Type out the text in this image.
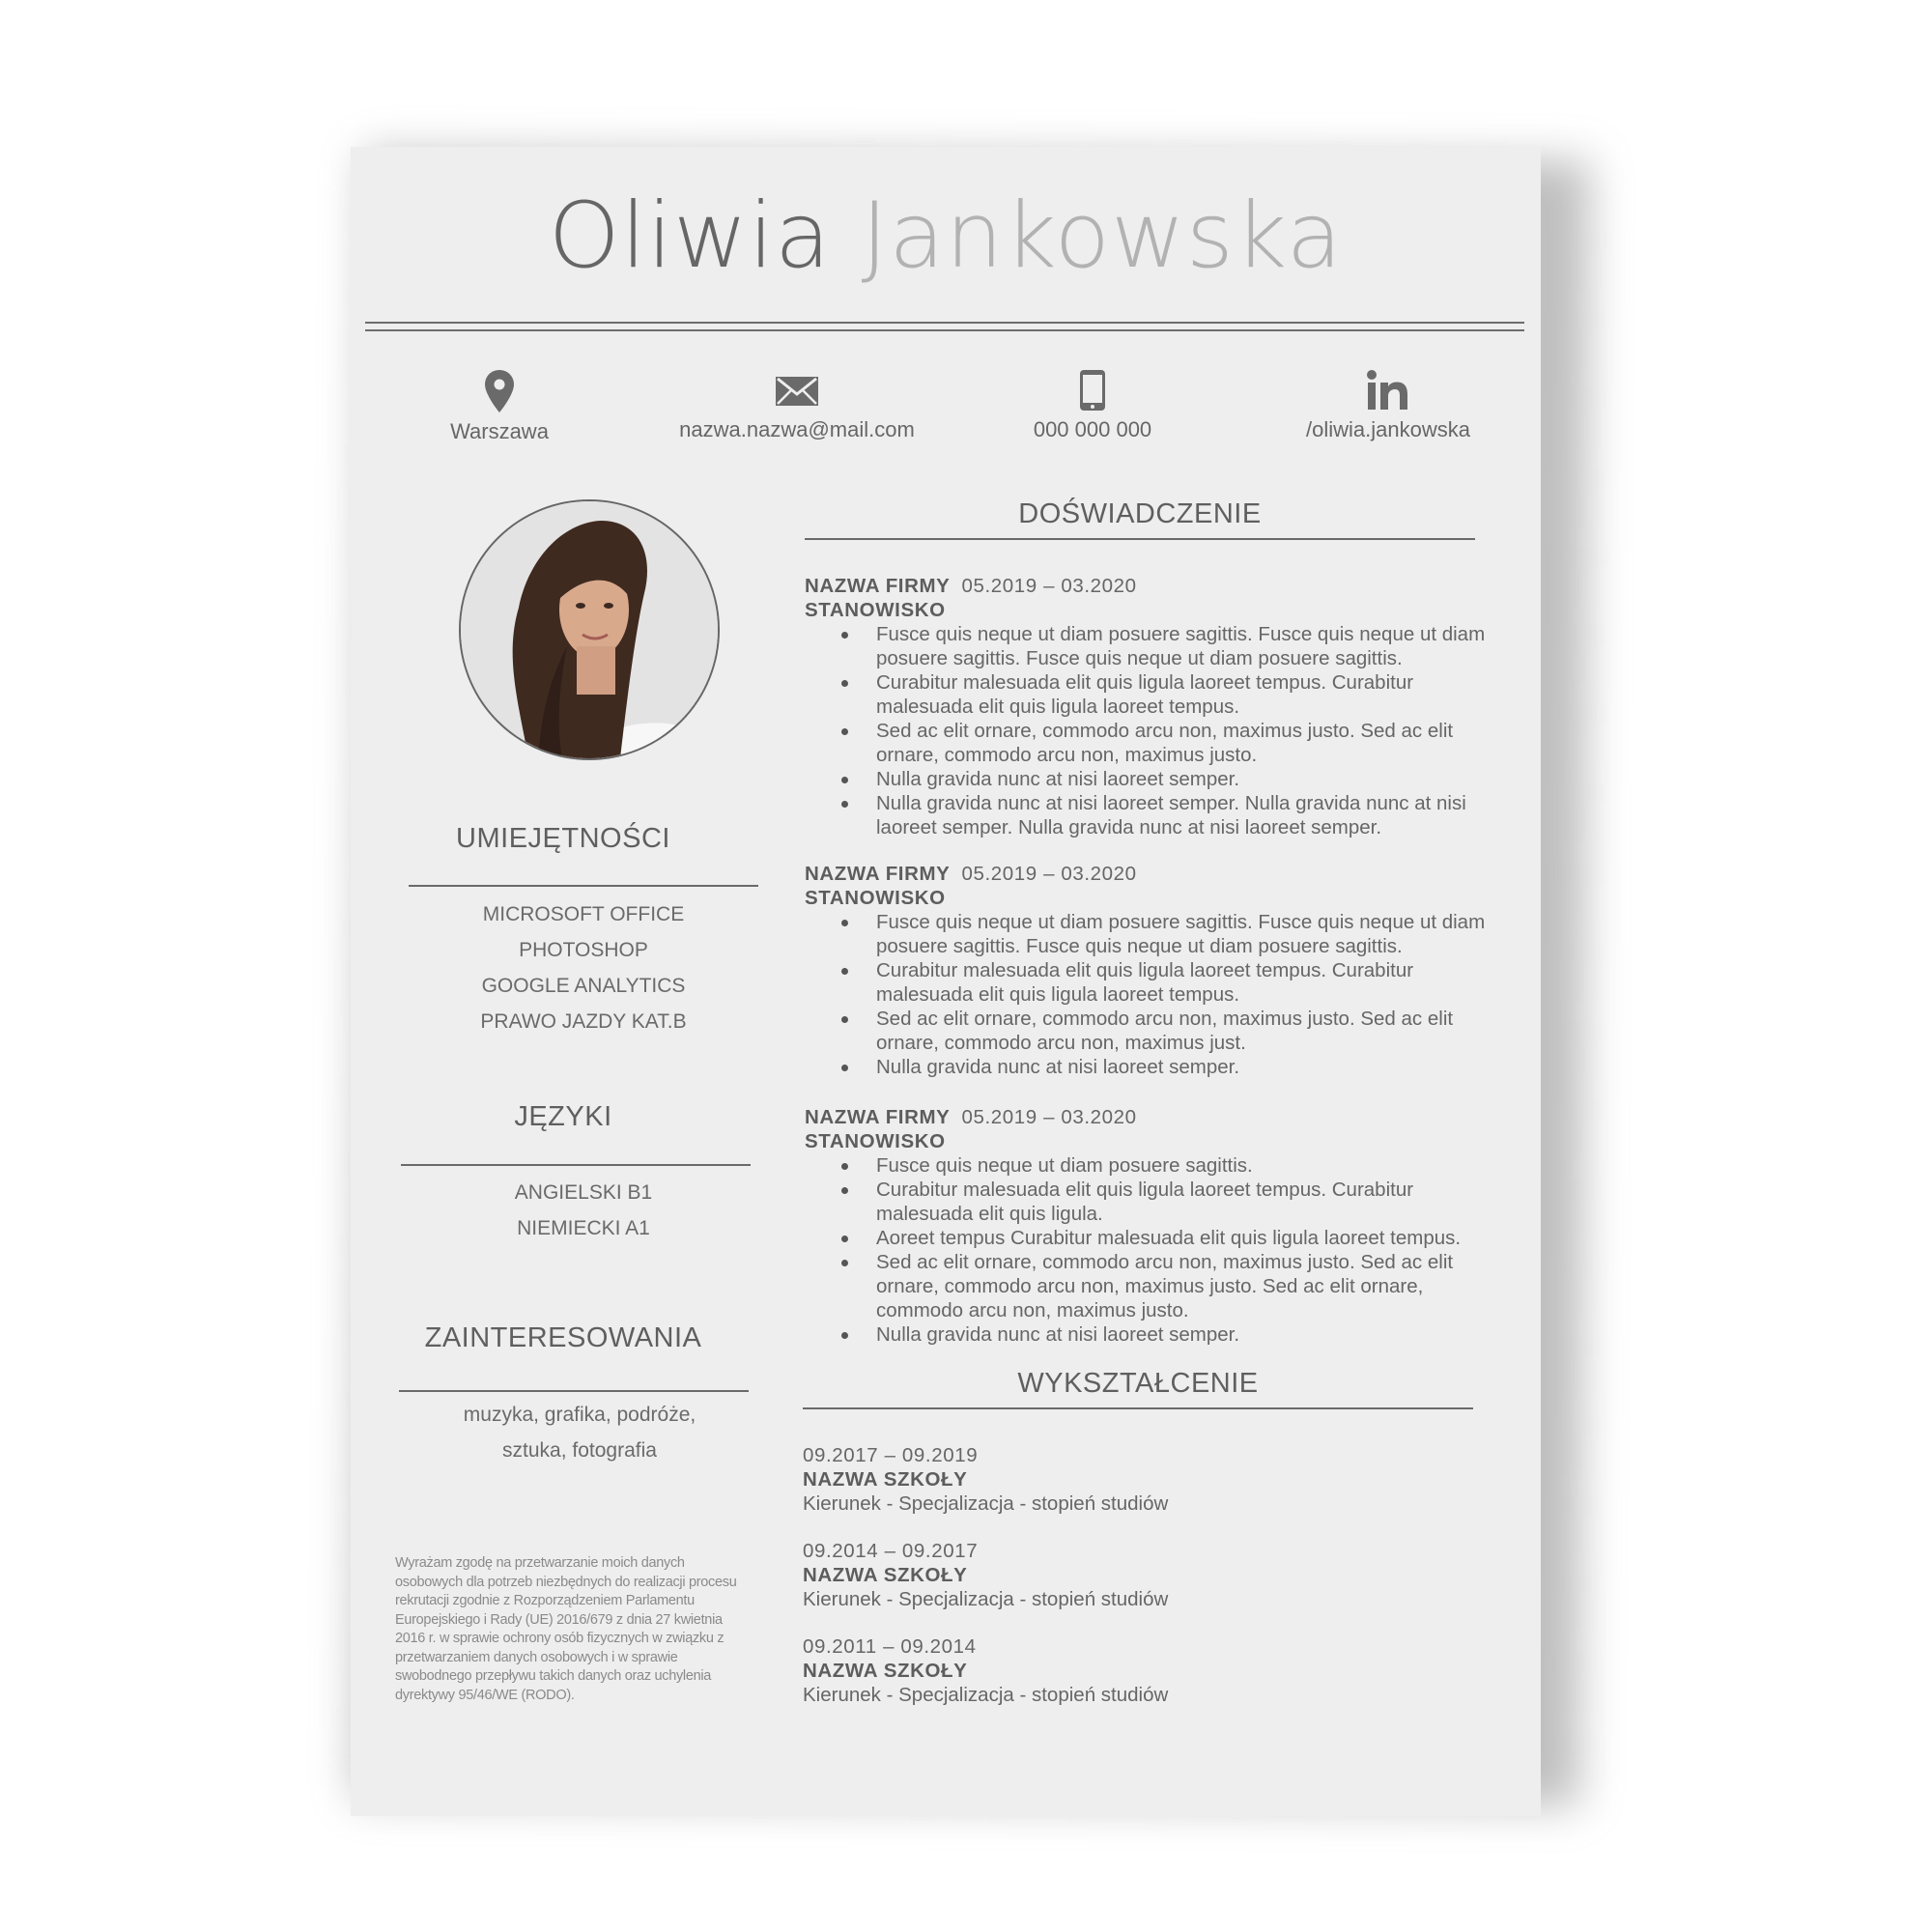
Oliwia Jankowska
Warszawa	nazwa.nazwa@mail.com	000 000 000	/oliwia.jankowska
UMIEJĘTNOŚCI
MICROSOFT OFFICE
PHOTOSHOP
GOOGLE ANALYTICS
PRAWO JAZDY KAT.B
JĘZYKI
ANGIELSKI B1
NIEMIECKI A1
ZAINTERESOWANIA
muzyka, grafika, podróże,
sztuka, fotografia
Wyrażam zgodę na przetwarzanie moich danych osobowych dla potrzeb niezbędnych do realizacji procesu rekrutacji zgodnie z Rozporządzeniem Parlamentu Europejskiego i Rady (UE) 2016/679 z dnia 27 kwietnia 2016 r. w sprawie ochrony osób fizycznych w związku z przetwarzaniem danych osobowych i w sprawie swobodnego przepływu takich danych oraz uchylenia dyrektywy 95/46/WE (RODO).
DOŚWIADCZENIE
NAZWA FIRMY 05.2019 – 03.2020
STANOWISKO
Fusce quis neque ut diam posuere sagittis. Fusce quis neque ut diam posuere sagittis. Fusce quis neque ut diam posuere sagittis.
Curabitur malesuada elit quis ligula laoreet tempus. Curabitur malesuada elit quis ligula laoreet tempus.
Sed ac elit ornare, commodo arcu non, maximus justo. Sed ac elit ornare, commodo arcu non, maximus justo.
Nulla gravida nunc at nisi laoreet semper.
Nulla gravida nunc at nisi laoreet semper. Nulla gravida nunc at nisi laoreet semper. Nulla gravida nunc at nisi laoreet semper.
NAZWA FIRMY 05.2019 – 03.2020
STANOWISKO
Fusce quis neque ut diam posuere sagittis. Fusce quis neque ut diam posuere sagittis. Fusce quis neque ut diam posuere sagittis.
Curabitur malesuada elit quis ligula laoreet tempus. Curabitur malesuada elit quis ligula laoreet tempus.
Sed ac elit ornare, commodo arcu non, maximus justo. Sed ac elit ornare, commodo arcu non, maximus just.
Nulla gravida nunc at nisi laoreet semper.
NAZWA FIRMY 05.2019 – 03.2020
STANOWISKO
Fusce quis neque ut diam posuere sagittis.
Curabitur malesuada elit quis ligula laoreet tempus. Curabitur malesuada elit quis ligula.
Aoreet tempus Curabitur malesuada elit quis ligula laoreet tempus.
Sed ac elit ornare, commodo arcu non, maximus justo. Sed ac elit ornare, commodo arcu non, maximus justo. Sed ac elit ornare, commodo arcu non, maximus justo.
Nulla gravida nunc at nisi laoreet semper.
WYKSZTAŁCENIE
09.2017 – 09.2019
NAZWA SZKOŁY
Kierunek - Specjalizacja - stopień studiów
09.2014 – 09.2017
NAZWA SZKOŁY
Kierunek - Specjalizacja - stopień studiów
09.2011 – 09.2014
NAZWA SZKOŁY
Kierunek - Specjalizacja - stopień studiów
